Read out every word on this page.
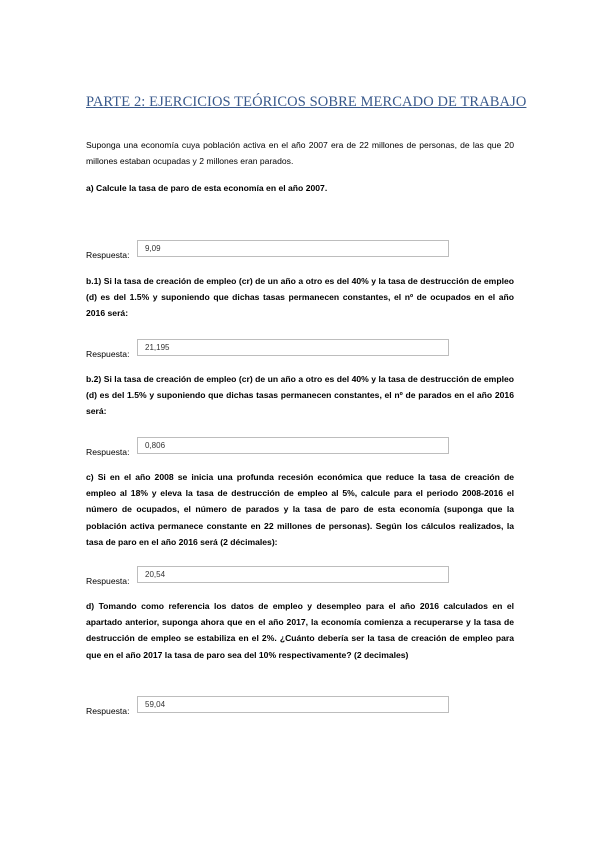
PARTE 2: EJERCICIOS TEÓRICOS SOBRE MERCADO DE TRABAJO

Suponga una economía cuya población activa en el año 2007 era de 22 millones de personas, de las que 20 millones estaban ocupadas y 2 millones eran parados.

a) Calcule la tasa de paro de esta economía en el año 2007.

Respuesta:
9,09

b.1) Si la tasa de creación de empleo (cr) de un año a otro es del 40% y la tasa de destrucción de empleo (d) es del 1.5% y suponiendo que dichas tasas permanecen constantes, el nº de ocupados en el año 2016 será:

Respuesta:
21,195

b.2) Si la tasa de creación de empleo (cr) de un año a otro es del 40% y la tasa de destrucción de empleo (d) es del 1.5% y suponiendo que dichas tasas permanecen constantes, el nº de parados en el año 2016 será:

Respuesta:
0,806

c) Si en el año 2008 se inicia una profunda recesión económica que reduce la tasa de creación de empleo al 18% y eleva la tasa de destrucción de empleo al 5%, calcule para el periodo 2008-2016 el número de ocupados, el número de parados y la tasa de paro de esta economía (suponga que la población activa permanece constante en 22 millones de personas). Según los cálculos realizados, la tasa de paro en el año 2016 será (2 décimales):

Respuesta:
20,54

d) Tomando como referencia los datos de empleo y desempleo para el año 2016 calculados en el apartado anterior, suponga ahora que en el año 2017, la economía comienza a recuperarse y la tasa de destrucción de empleo se estabiliza en el 2%. ¿Cuánto debería ser la tasa de creación de empleo para que en el año 2017 la tasa de paro sea del 10% respectivamente? (2 decimales)

Respuesta:
59,04
